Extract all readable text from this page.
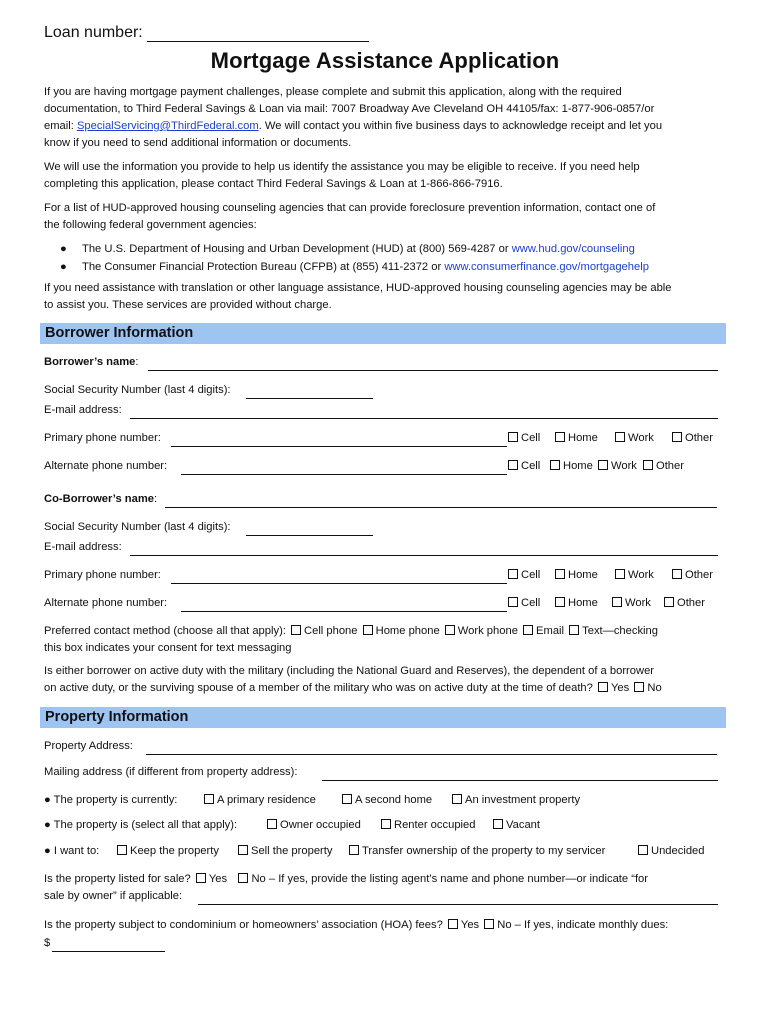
Loan number:
Mortgage Assistance Application
If you are having mortgage payment challenges, please complete and submit this application, along with the required
documentation, to Third Federal Savings & Loan via mail: 7007 Broadway Ave Cleveland OH 44105/fax: 1-877-906-0857/or
email: SpecialServicing@ThirdFederal.com. We will contact you within five business days to acknowledge receipt and let you
know if you need to send additional information or documents.
We will use the information you provide to help us identify the assistance you may be eligible to receive. If you need help
completing this application, please contact Third Federal Savings & Loan at 1-866-866-7916.
For a list of HUD-approved housing counseling agencies that can provide foreclosure prevention information, contact one of
the following federal government agencies:
● The U.S. Department of Housing and Urban Development (HUD) at (800) 569-4287 or www.hud.gov/counseling
● The Consumer Financial Protection Bureau (CFPB) at (855) 411-2372 or www.consumerfinance.gov/mortgagehelp
If you need assistance with translation or other language assistance, HUD-approved housing counseling agencies may be able
to assist you. These services are provided without charge.
Borrower Information
Borrower’s name:
Social Security Number (last 4 digits):
E-mail address:
Primary phone number:	Cell	Home	Work	Other
Alternate phone number:	Cell	Home	Work	Other
Co-Borrower’s name:
Social Security Number (last 4 digits):
E-mail address:
Primary phone number:	Cell	Home	Work	Other
Alternate phone number:	Cell	Home	Work	Other
Preferred contact method (choose all that apply): Cell phone Home phone Work phone Email Text—checking
this box indicates your consent for text messaging
Is either borrower on active duty with the military (including the National Guard and Reserves), the dependent of a borrower
on active duty, or the surviving spouse of a member of the military who was on active duty at the time of death? Yes No
Property Information
Property Address:
Mailing address (if different from property address):
● The property is currently:	A primary residence	A second home	An investment property
● The property is (select all that apply):	Owner occupied	Renter occupied	Vacant
● I want to:	Keep the property	Sell the property	Transfer ownership of the property to my servicer	Undecided
Is the property listed for sale? Yes No – If yes, provide the listing agent’s name and phone number—or indicate “for
sale by owner” if applicable:
Is the property subject to condominium or homeowners’ association (HOA) fees? Yes No – If yes, indicate monthly dues:
$
